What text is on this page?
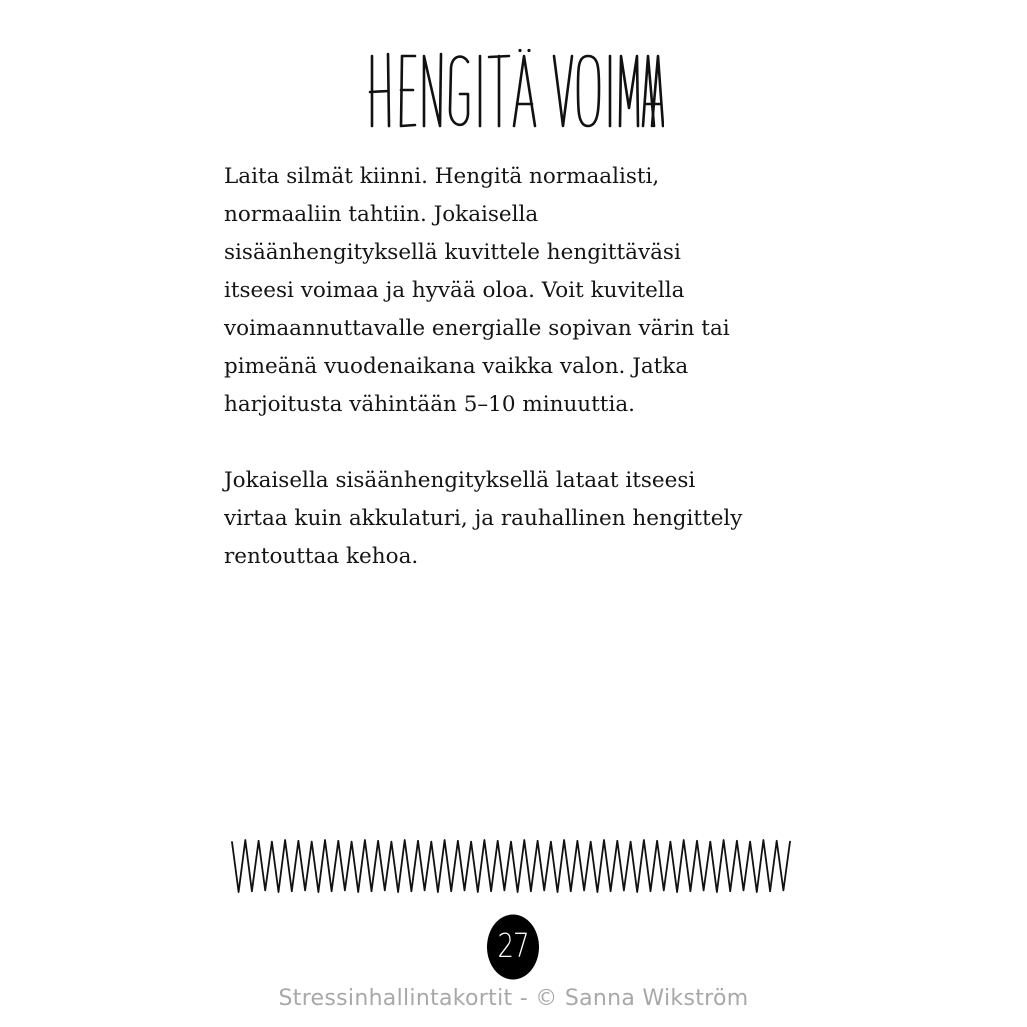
Laita silmät kiinni. Hengitä normaalisti,
normaaliin tahtiin. Jokaisella
sisäänhengityksellä kuvittele hengittäväsi
itseesi voimaa ja hyvää oloa. Voit kuvitella
voimaannuttavalle energialle sopivan värin tai
pimeänä vuodenaikana vaikka valon. Jatka
harjoitusta vähintään 5–10 minuuttia.

Jokaisella sisäänhengityksellä lataat itseesi
virtaa kuin akkulaturi, ja rauhallinen hengittely
rentouttaa kehoa.

27
Stressinhallintakortit - © Sanna Wikström
